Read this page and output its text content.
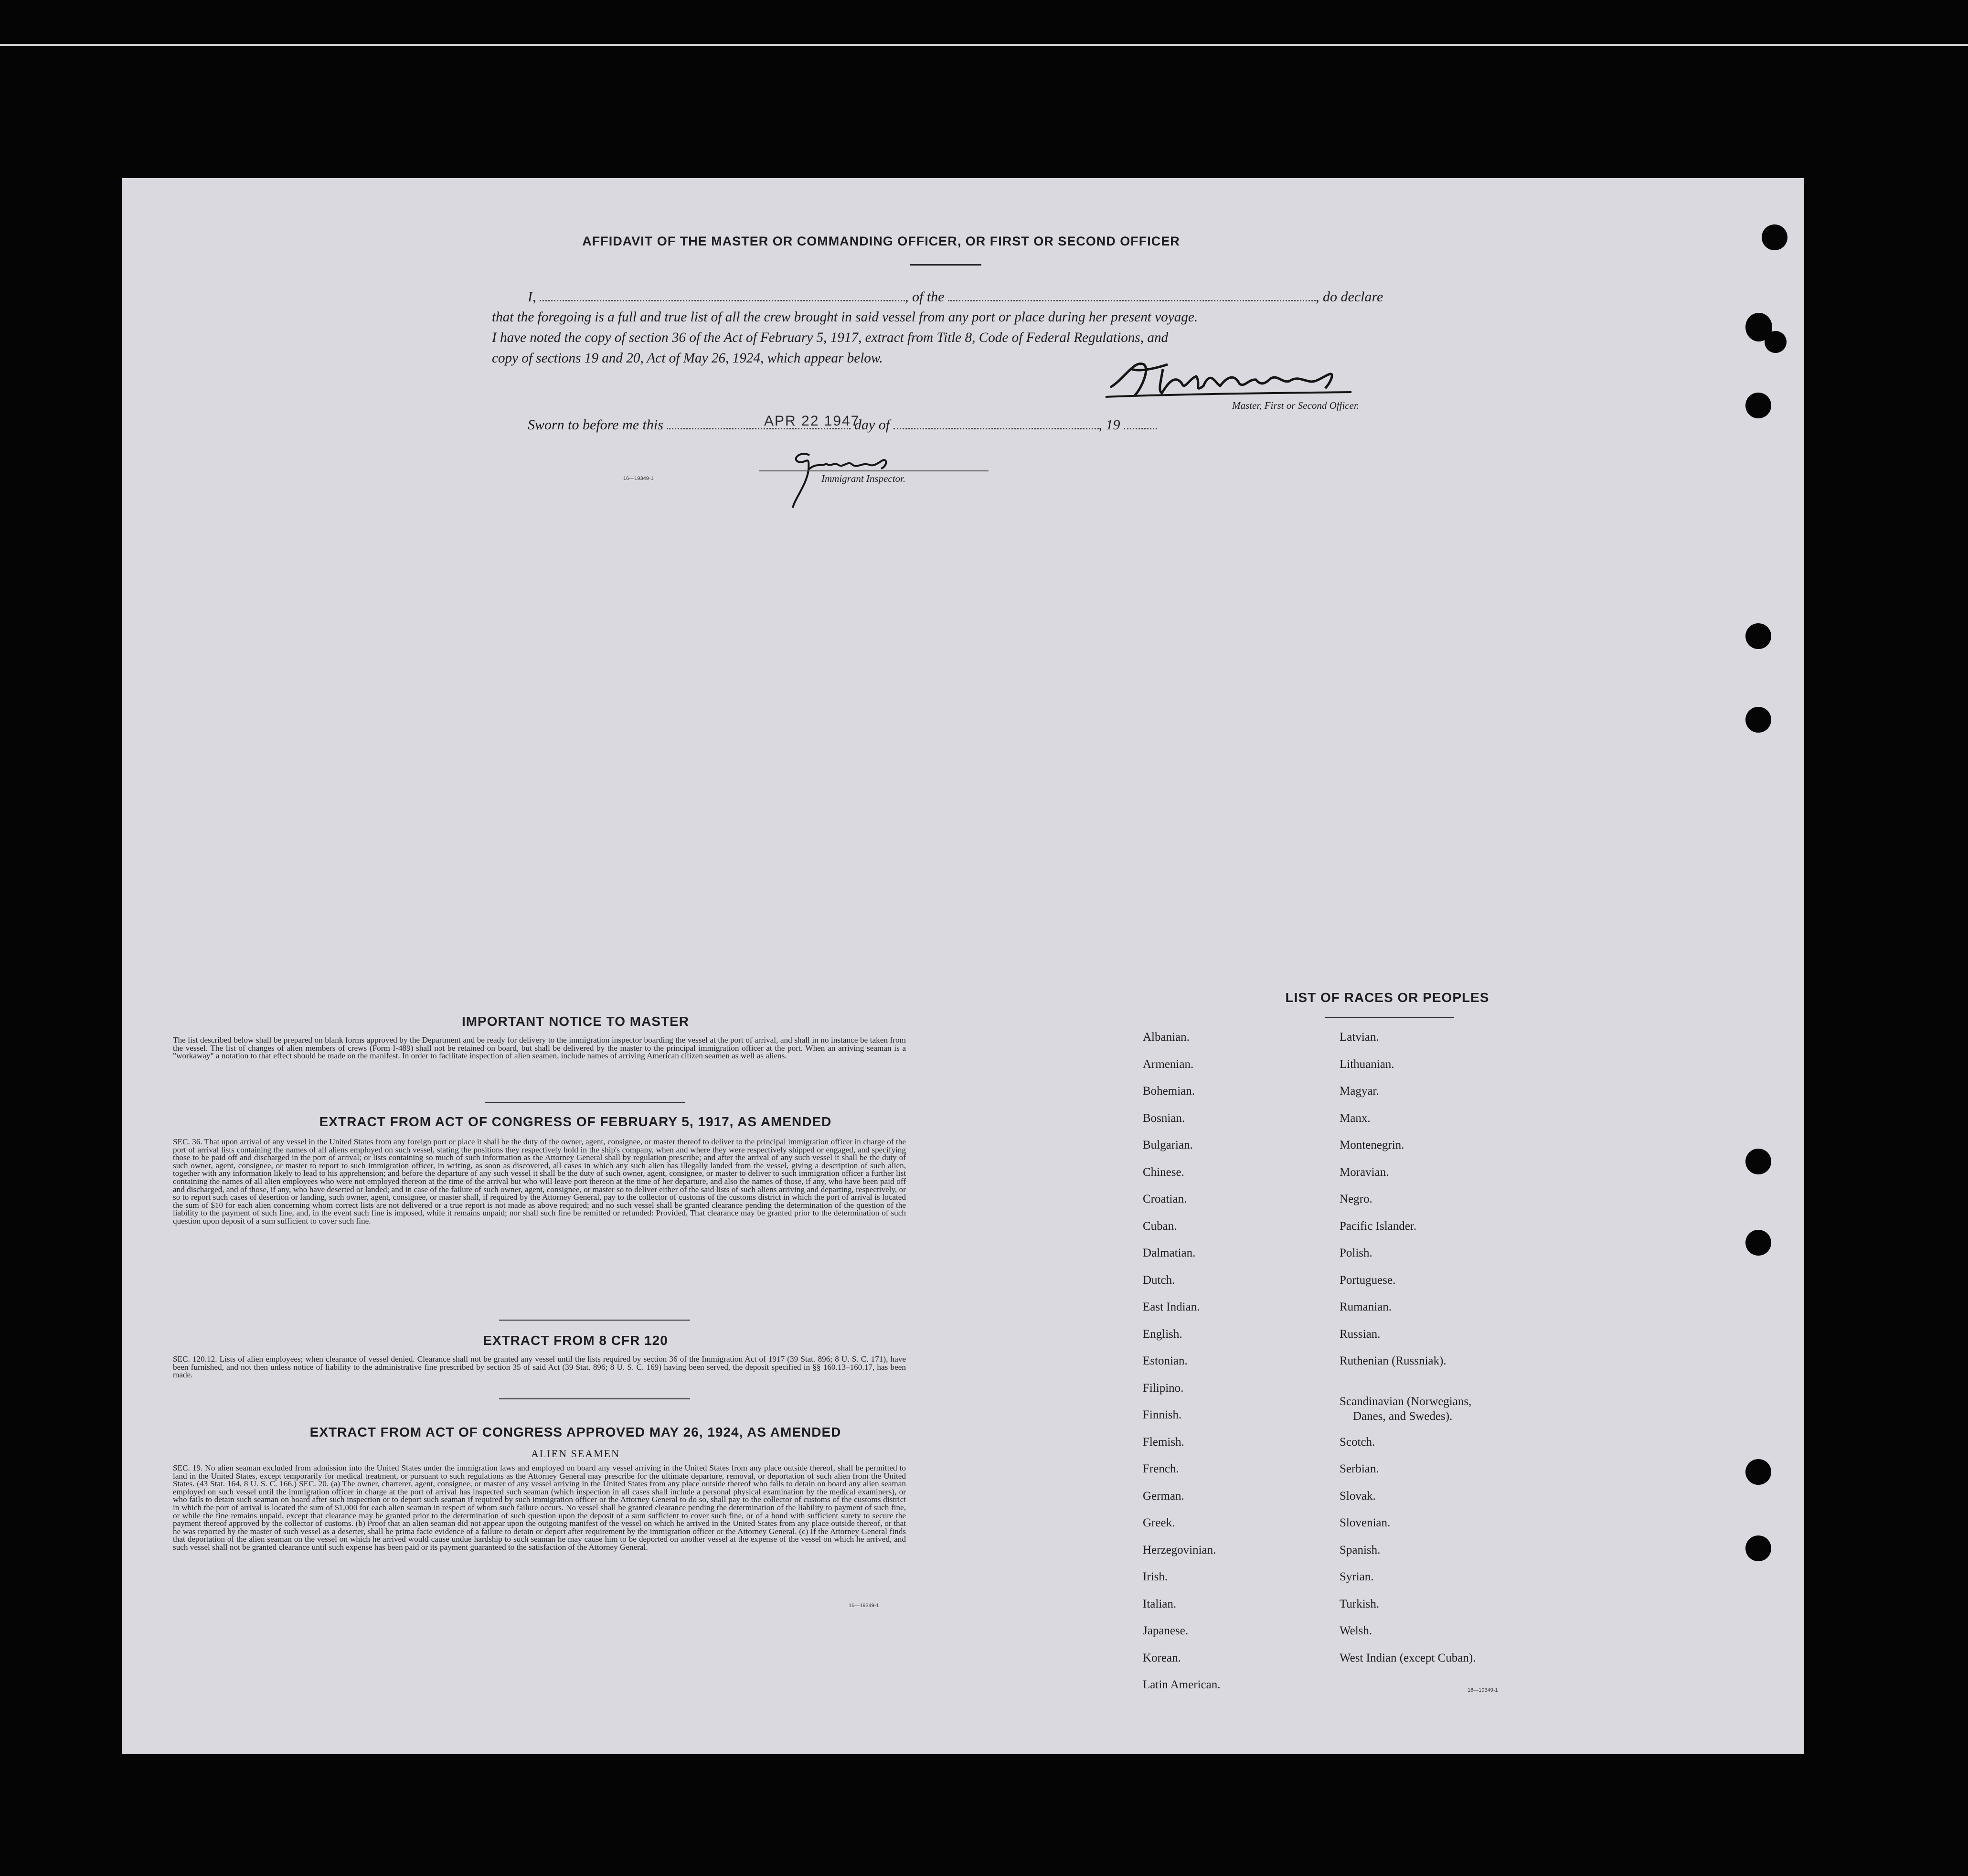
AFFIDAVIT OF THE MASTER OR COMMANDING OFFICER, OR FIRST OR SECOND OFFICER
I,	, of the	, do declare
that the foregoing is a full and true list of all the crew brought in said vessel from any port or place during her present voyage.
I have noted the copy of section 36 of the Act of February 5, 1917, extract from Title 8, Code of Federal Regulations, and
copy of sections 19 and 20, Act of May 26, 1924, which appear below.
Master, First or Second Officer.
Sworn to before me this	day of	, 19
APR 22 1947
Immigrant Inspector.
16—19349-1
IMPORTANT NOTICE TO MASTER
The list described below shall be prepared on blank forms approved by the Department and be ready for delivery to the immigration inspector boarding the vessel at the port of arrival, and shall in no instance be taken from the vessel. The list of changes of alien members of crews (Form I-489) shall not be retained on board, but shall be delivered by the master to the principal immigration officer at the port. When an arriving seaman is a "workaway" a notation to that effect should be made on the manifest. In order to facilitate inspection of alien seamen, include names of arriving American citizen seamen as well as aliens.
EXTRACT FROM ACT OF CONGRESS OF FEBRUARY 5, 1917, AS AMENDED
SEC. 36. That upon arrival of any vessel in the United States from any foreign port or place it shall be the duty of the owner, agent, consignee, or master thereof to deliver to the principal immigration officer in charge of the port of arrival lists containing the names of all aliens employed on such vessel, stating the positions they respectively hold in the ship's company, when and where they were respectively shipped or engaged, and specifying those to be paid off and discharged in the port of arrival; or lists containing so much of such information as the Attorney General shall by regulation prescribe; and after the arrival of any such vessel it shall be the duty of such owner, agent, consignee, or master to report to such immigration officer, in writing, as soon as discovered, all cases in which any such alien has illegally landed from the vessel, giving a description of such alien, together with any information likely to lead to his apprehension; and before the departure of any such vessel it shall be the duty of such owner, agent, consignee, or master to deliver to such immigration officer a further list containing the names of all alien employees who were not employed thereon at the time of the arrival but who will leave port thereon at the time of her departure, and also the names of those, if any, who have been paid off and discharged, and of those, if any, who have deserted or landed; and in case of the failure of such owner, agent, consignee, or master so to deliver either of the said lists of such aliens arriving and departing, respectively, or so to report such cases of desertion or landing, such owner, agent, consignee, or master shall, if required by the Attorney General, pay to the collector of customs of the customs district in which the port of arrival is located the sum of $10 for each alien concerning whom correct lists are not delivered or a true report is not made as above required; and no such vessel shall be granted clearance pending the determination of the question of the liability to the payment of such fine, and, in the event such fine is imposed, while it remains unpaid; nor shall such fine be remitted or refunded: Provided, That clearance may be granted prior to the determination of such question upon deposit of a sum sufficient to cover such fine.
EXTRACT FROM 8 CFR 120
SEC. 120.12. Lists of alien employees; when clearance of vessel denied. Clearance shall not be granted any vessel until the lists required by section 36 of the Immigration Act of 1917 (39 Stat. 896; 8 U. S. C. 171), have been furnished, and not then unless notice of liability to the administrative fine prescribed by section 35 of said Act (39 Stat. 896; 8 U. S. C. 169) having been served, the deposit specified in §§ 160.13–160.17, has been made.
EXTRACT FROM ACT OF CONGRESS APPROVED MAY 26, 1924, AS AMENDED
ALIEN SEAMEN
SEC. 19. No alien seaman excluded from admission into the United States under the immigration laws and employed on board any vessel arriving in the United States from any place outside thereof, shall be permitted to land in the United States, except temporarily for medical treatment, or pursuant to such regulations as the Attorney General may prescribe for the ultimate departure, removal, or deportation of such alien from the United States. (43 Stat. 164, 8 U. S. C. 166.) SEC. 20. (a) The owner, charterer, agent, consignee, or master of any vessel arriving in the United States from any place outside thereof who fails to detain on board any alien seaman employed on such vessel until the immigration officer in charge at the port of arrival has inspected such seaman (which inspection in all cases shall include a personal physical examination by the medical examiners), or who fails to detain such seaman on board after such inspection or to deport such seaman if required by such immigration officer or the Attorney General to do so, shall pay to the collector of customs of the customs district in which the port of arrival is located the sum of $1,000 for each alien seaman in respect of whom such failure occurs. No vessel shall be granted clearance pending the determination of the liability to payment of such fine, or while the fine remains unpaid, except that clearance may be granted prior to the determination of such question upon the deposit of a sum sufficient to cover such fine, or of a bond with sufficient surety to secure the payment thereof approved by the collector of customs. (b) Proof that an alien seaman did not appear upon the outgoing manifest of the vessel on which he arrived in the United States from any place outside thereof, or that he was reported by the master of such vessel as a deserter, shall be prima facie evidence of a failure to detain or deport after requirement by the immigration officer or the Attorney General. (c) If the Attorney General finds that deportation of the alien seaman on the vessel on which he arrived would cause undue hardship to such seaman he may cause him to be deported on another vessel at the expense of the vessel on which he arrived, and such vessel shall not be granted clearance until such expense has been paid or its payment guaranteed to the satisfaction of the Attorney General.
16—19349-1
LIST OF RACES OR PEOPLES
Albanian.
Armenian.
Bohemian.
Bosnian.
Bulgarian.
Chinese.
Croatian.
Cuban.
Dalmatian.
Dutch.
East Indian.
English.
Estonian.
Filipino.
Finnish.
Flemish.
French.
German.
Greek.
Herzegovinian.
Irish.
Italian.
Japanese.
Korean.
Latin American.
Latvian.
Lithuanian.
Magyar.
Manx.
Montenegrin.
Moravian.
Negro.
Pacific Islander.
Polish.
Portuguese.
Rumanian.
Russian.
Ruthenian (Russniak).
Scandinavian (Norwegians,
Danes, and Swedes).
Scotch.
Serbian.
Slovak.
Slovenian.
Spanish.
Syrian.
Turkish.
Welsh.
West Indian (except Cuban).
16—19349-1
